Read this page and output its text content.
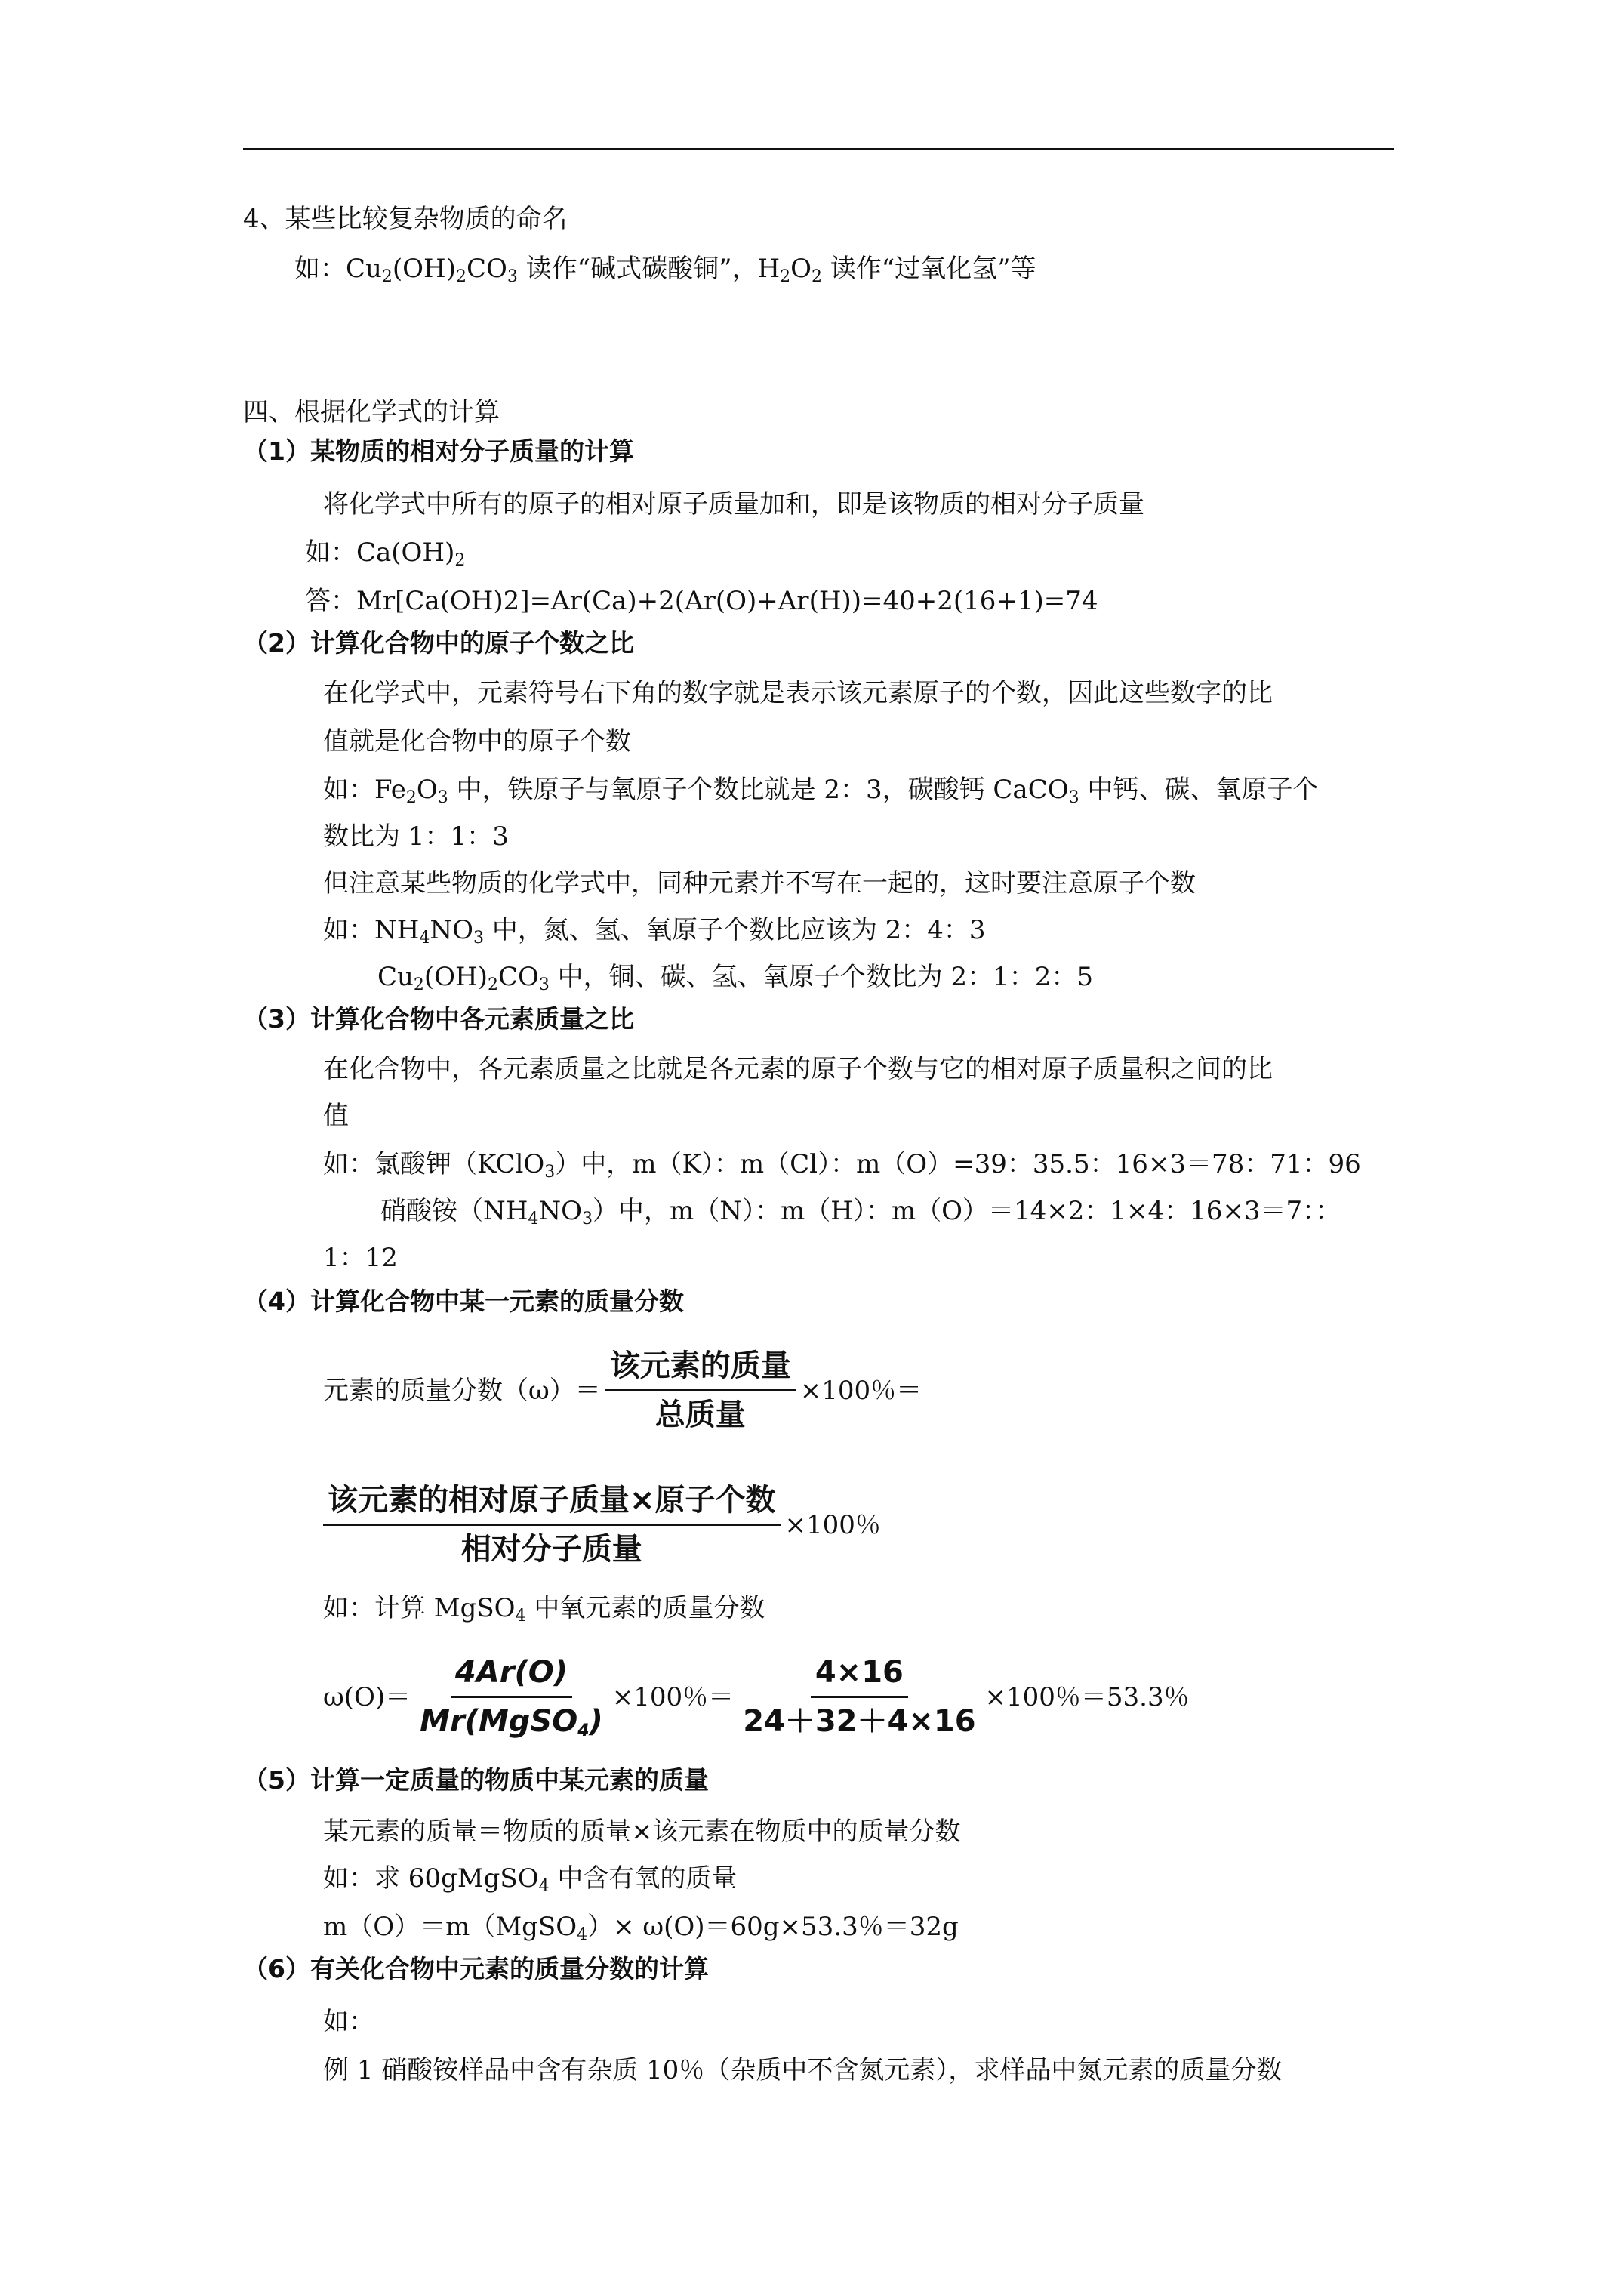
4、某些比较复杂物质的命名
如：$Cu_2(OH)_2CO_3$ 读作“碱式碳酸铜”，$H_2O_2$ 读作“过氧化氢”等
四、根据化学式的计算
（1）某物质的相对分子质量的计算
将化学式中所有的原子的相对原子质量加和，即是该物质的相对分子质量
如：$Ca(OH)_2$
答：Mr[Ca(OH)2]=Ar(Ca)+2(Ar(O)+Ar(H))=40+2(16+1)=74
（2）计算化合物中的原子个数之比
在化学式中，元素符号右下角的数字就是表示该元素原子的个数，因此这些数字的比
值就是化合物中的原子个数
如：$Fe_2O_3$ 中，铁原子与氧原子个数比就是 2：3，碳酸钙 CaCO$_3$ 中钙、碳、氧原子个
数比为 1：1：3
但注意某些物质的化学式中，同种元素并不写在一起的，这时要注意原子个数
如：$NH_4NO_3$ 中，氮、氢、氧原子个数比应该为 2：4：3
$Cu_2(OH)_2CO_3$ 中，铜、碳、氢、氧原子个数比为 2：1：2：5
（3）计算化合物中各元素质量之比
在化合物中，各元素质量之比就是各元素的原子个数与它的相对原子质量积之间的比
值
如：氯酸钾（KClO$_3$）中，m（K）：m（Cl）：m（O）=39：35.5：16×3＝78：71：96
硝酸铵$(NH_4NO_3)$中，m（N）：m（H）：m（O）＝14×2：1×4：16×3＝7：：
1：12
（4）计算化合物中某一元素的质量分数
元素的质量分数$(\omega)= \frac{\text{该元素的质量}}{\text{总质量}} \times 100$％＝
$\frac{\text{该元素的相对原子质量×原子个数}}{\text{相对分子质量}} \times 100$％
如：计算 MgSO$_4$ 中氧元素的质量分数
$\omega(O)= \frac{4Ar(O)}{Mr(MgSO_4)} \times 100$％＝ $\frac{4\times 16}{24+32+4\times 16} \times 100$％＝53.3％
（5）计算一定质量的物质中某元素的质量
某元素的质量＝物质的质量×该元素在物质中的质量分数
如：求 60gMgSO$_4$ 中含有氧的质量
m（O）＝m（MgSO$_4$）× ω(O)＝60g×53.3％＝32g
（6）有关化合物中元素的质量分数的计算
如：
例 1 硝酸铵样品中含有杂质 10％（杂质中不含氮元素），求样品中氮元素的质量分数
